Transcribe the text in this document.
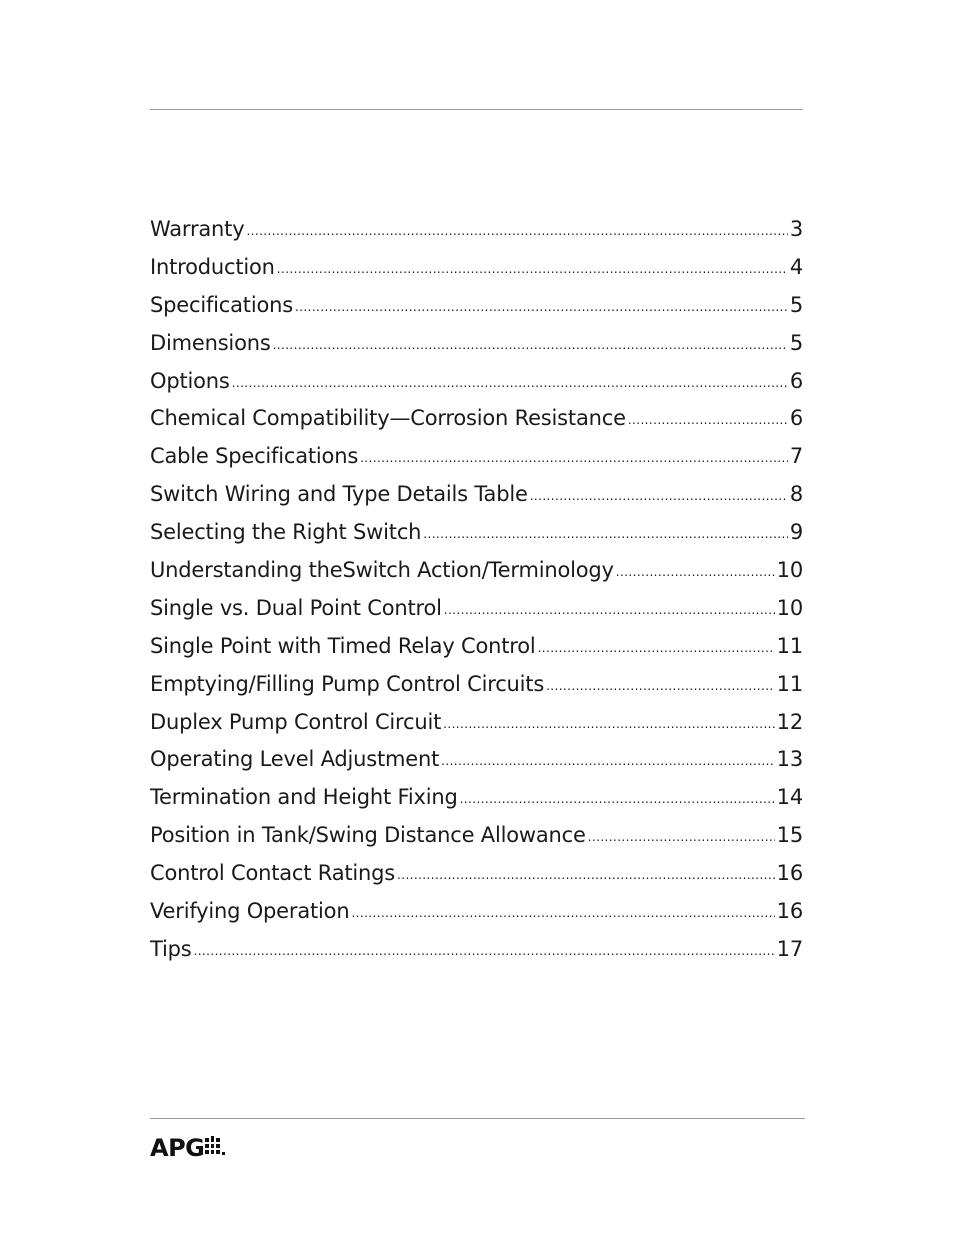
Warranty .....	3
Introduction .....	4
Specifications .....	5
Dimensions .....	5
Options .....	6
Chemical Compatibility—Corrosion Resistance .....	6
Cable Specifications .....	7
Switch Wiring and Type Details Table .....	8
Selecting the Right Switch .....	9
Understanding theSwitch Action/Terminology .....	10
Single vs. Dual Point Control .....	10
Single Point with Timed Relay Control .....	11
Emptying/Filling Pump Control Circuits .....	11
Duplex Pump Control Circuit .....	12
Operating Level Adjustment .....	13
Termination and Height Fixing .....	14
Position in Tank/Swing Distance Allowance .....	15
Control Contact Ratings .....	16
Verifying Operation .....	16
Tips .....	17
APG
